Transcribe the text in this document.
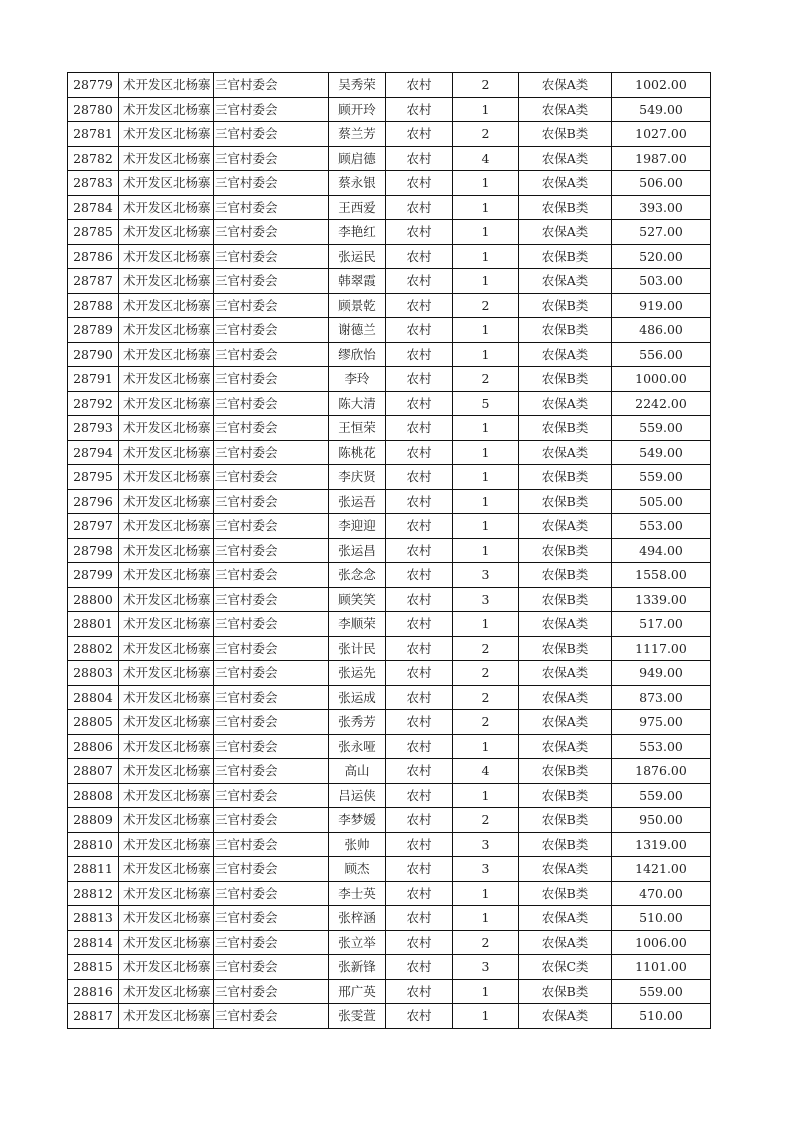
28779	术开发区北杨寨	三官村委会	吴秀荣	农村	2	农保A类	1002.00
28780	术开发区北杨寨	三官村委会	顾开玲	农村	1	农保A类	549.00
28781	术开发区北杨寨	三官村委会	蔡兰芳	农村	2	农保B类	1027.00
28782	术开发区北杨寨	三官村委会	顾启德	农村	4	农保A类	1987.00
28783	术开发区北杨寨	三官村委会	蔡永银	农村	1	农保A类	506.00
28784	术开发区北杨寨	三官村委会	王西爱	农村	1	农保B类	393.00
28785	术开发区北杨寨	三官村委会	李艳红	农村	1	农保A类	527.00
28786	术开发区北杨寨	三官村委会	张运民	农村	1	农保B类	520.00
28787	术开发区北杨寨	三官村委会	韩翠霞	农村	1	农保A类	503.00
28788	术开发区北杨寨	三官村委会	顾景乾	农村	2	农保B类	919.00
28789	术开发区北杨寨	三官村委会	谢德兰	农村	1	农保B类	486.00
28790	术开发区北杨寨	三官村委会	缪欣怡	农村	1	农保A类	556.00
28791	术开发区北杨寨	三官村委会	李玲	农村	2	农保B类	1000.00
28792	术开发区北杨寨	三官村委会	陈大清	农村	5	农保A类	2242.00
28793	术开发区北杨寨	三官村委会	王恒荣	农村	1	农保B类	559.00
28794	术开发区北杨寨	三官村委会	陈桃花	农村	1	农保A类	549.00
28795	术开发区北杨寨	三官村委会	李庆贤	农村	1	农保B类	559.00
28796	术开发区北杨寨	三官村委会	张运吾	农村	1	农保B类	505.00
28797	术开发区北杨寨	三官村委会	李迎迎	农村	1	农保A类	553.00
28798	术开发区北杨寨	三官村委会	张运昌	农村	1	农保B类	494.00
28799	术开发区北杨寨	三官村委会	张念念	农村	3	农保B类	1558.00
28800	术开发区北杨寨	三官村委会	顾笑笑	农村	3	农保B类	1339.00
28801	术开发区北杨寨	三官村委会	李顺荣	农村	1	农保A类	517.00
28802	术开发区北杨寨	三官村委会	张计民	农村	2	农保B类	1117.00
28803	术开发区北杨寨	三官村委会	张运先	农村	2	农保A类	949.00
28804	术开发区北杨寨	三官村委会	张运成	农村	2	农保A类	873.00
28805	术开发区北杨寨	三官村委会	张秀芳	农村	2	农保A类	975.00
28806	术开发区北杨寨	三官村委会	张永哑	农村	1	农保A类	553.00
28807	术开发区北杨寨	三官村委会	高山	农村	4	农保B类	1876.00
28808	术开发区北杨寨	三官村委会	吕运侠	农村	1	农保B类	559.00
28809	术开发区北杨寨	三官村委会	李梦媛	农村	2	农保B类	950.00
28810	术开发区北杨寨	三官村委会	张帅	农村	3	农保B类	1319.00
28811	术开发区北杨寨	三官村委会	顾杰	农村	3	农保A类	1421.00
28812	术开发区北杨寨	三官村委会	李士英	农村	1	农保B类	470.00
28813	术开发区北杨寨	三官村委会	张梓涵	农村	1	农保A类	510.00
28814	术开发区北杨寨	三官村委会	张立举	农村	2	农保A类	1006.00
28815	术开发区北杨寨	三官村委会	张新锋	农村	3	农保C类	1101.00
28816	术开发区北杨寨	三官村委会	邢广英	农村	1	农保B类	559.00
28817	术开发区北杨寨	三官村委会	张雯萱	农村	1	农保A类	510.00
